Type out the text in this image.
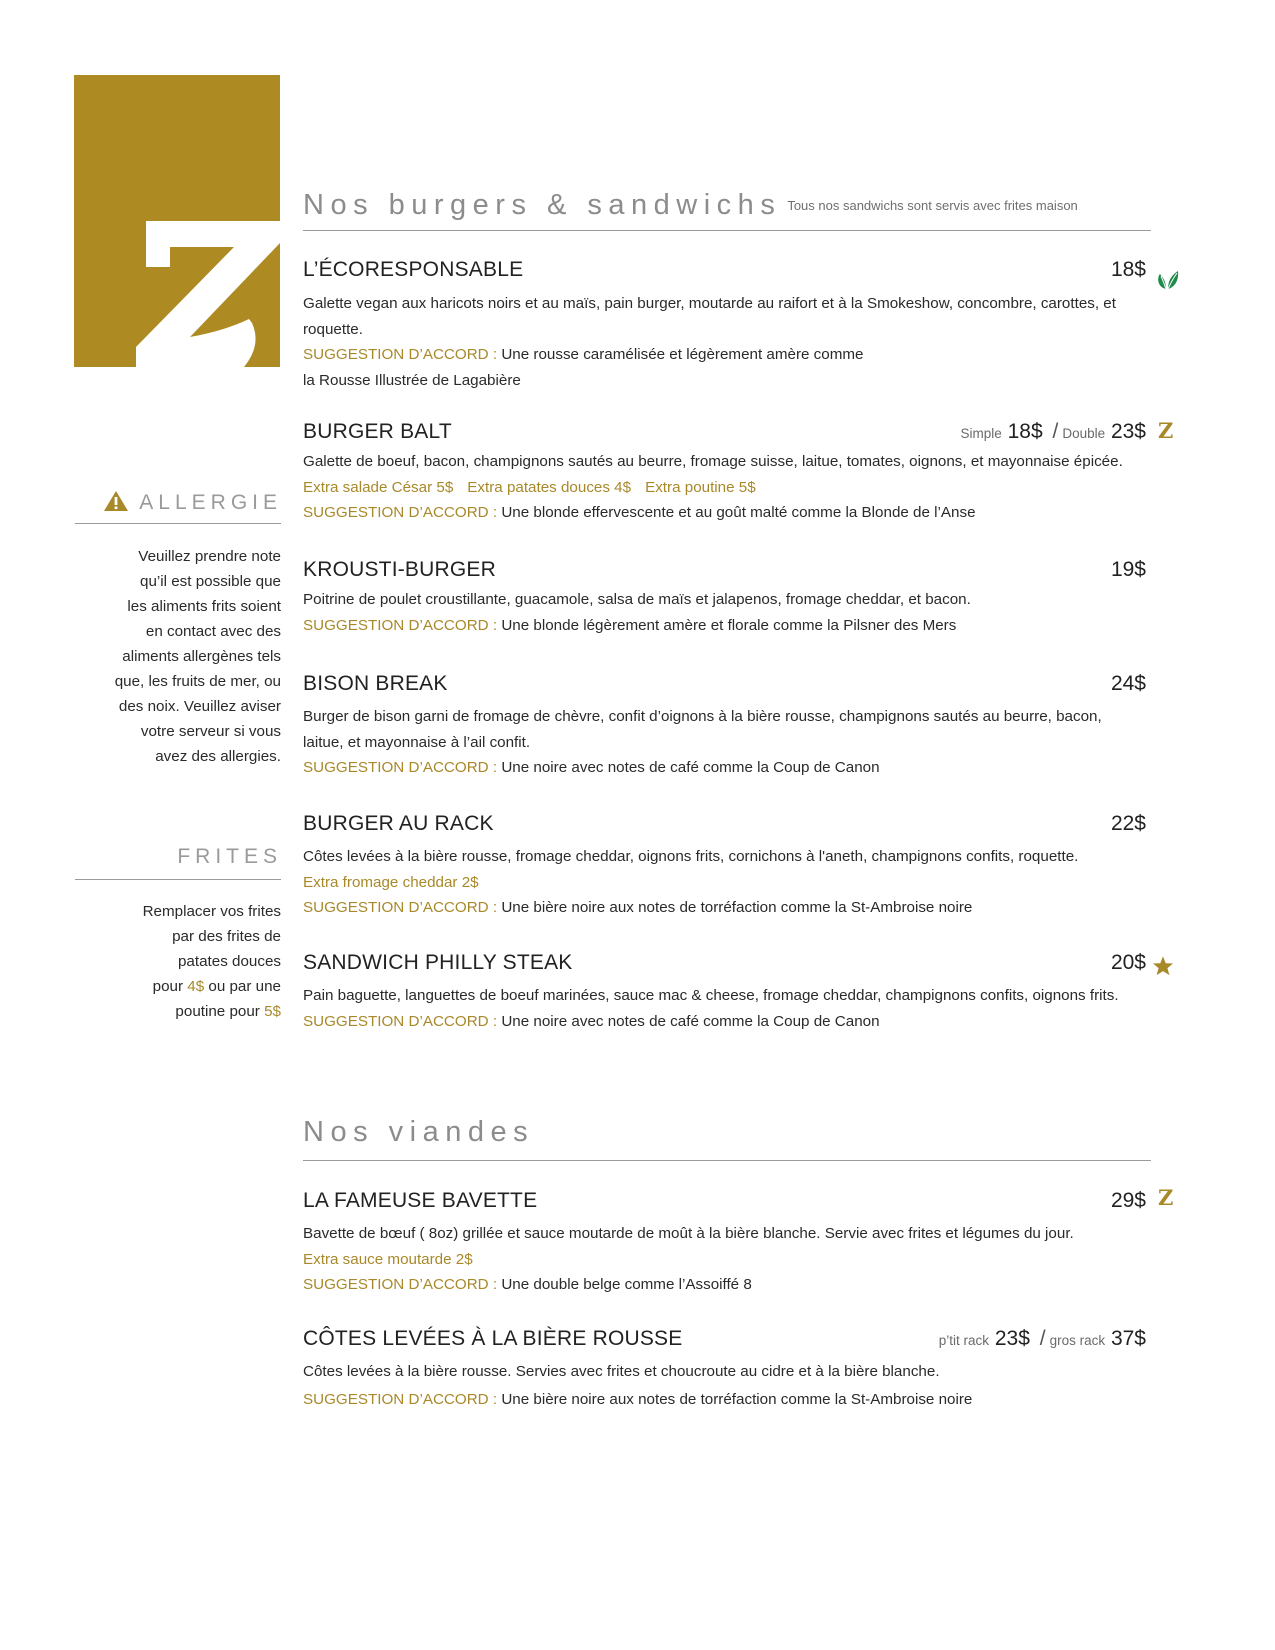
ALLERGIE
Veuillez prendre note
qu’il est possible que
les aliments frits soient
en contact avec des
aliments allergènes tels
que, les fruits de mer, ou
des noix. Veuillez aviser
votre serveur si vous
avez des allergies.
FRITES
Remplacer vos frites
par des frites de
patates douces
pour 4$ ou par une
poutine pour 5$
Nos burgers & sandwichs Tous nos sandwichs sont servis avec frites maison
L’ÉCORESPONSABLE	18$
Galette vegan aux haricots noirs et au maïs, pain burger, moutarde au raifort et à la Smokeshow, concombre, carottes, et
roquette.
SUGGESTION D’ACCORD : Une rousse caramélisée et légèrement amère comme
la Rousse Illustrée de Lagabière
BURGER BALT	Simple 18$ / Double 23$
Galette de boeuf, bacon, champignons sautés au beurre, fromage suisse, laitue, tomates, oignons, et mayonnaise épicée.
Extra salade César 5$ Extra patates douces 4$ Extra poutine 5$
SUGGESTION D’ACCORD : Une blonde effervescente et au goût malté comme la Blonde de l’Anse
Z
KROUSTI-BURGER	19$
Poitrine de poulet croustillante, guacamole, salsa de maïs et jalapenos, fromage cheddar, et bacon.
SUGGESTION D’ACCORD : Une blonde légèrement amère et florale comme la Pilsner des Mers
BISON BREAK	24$
Burger de bison garni de fromage de chèvre, confit d’oignons à la bière rousse, champignons sautés au beurre, bacon,
laitue, et mayonnaise à l’ail confit.
SUGGESTION D’ACCORD : Une noire avec notes de café comme la Coup de Canon
BURGER AU RACK	22$
Côtes levées à la bière rousse, fromage cheddar, oignons frits, cornichons à l'aneth, champignons confits, roquette.
Extra fromage cheddar 2$
SUGGESTION D’ACCORD : Une bière noire aux notes de torréfaction comme la St-Ambroise noire
SANDWICH PHILLY STEAK	20$
Pain baguette, languettes de boeuf marinées, sauce mac & cheese, fromage cheddar, champignons confits, oignons frits.
SUGGESTION D’ACCORD : Une noire avec notes de café comme la Coup de Canon
Nos viandes
LA FAMEUSE BAVETTE	29$
Bavette de bœuf ( 8oz) grillée et sauce moutarde de moût à la bière blanche. Servie avec frites et légumes du jour.
Extra sauce moutarde 2$
SUGGESTION D’ACCORD : Une double belge comme l’Assoiffé 8
Z
CÔTES LEVÉES À LA BIÈRE ROUSSE	p’tit rack 23$ / gros rack 37$
Côtes levées à la bière rousse. Servies avec frites et choucroute au cidre et à la bière blanche.
SUGGESTION D’ACCORD : Une bière noire aux notes de torréfaction comme la St-Ambroise noire
